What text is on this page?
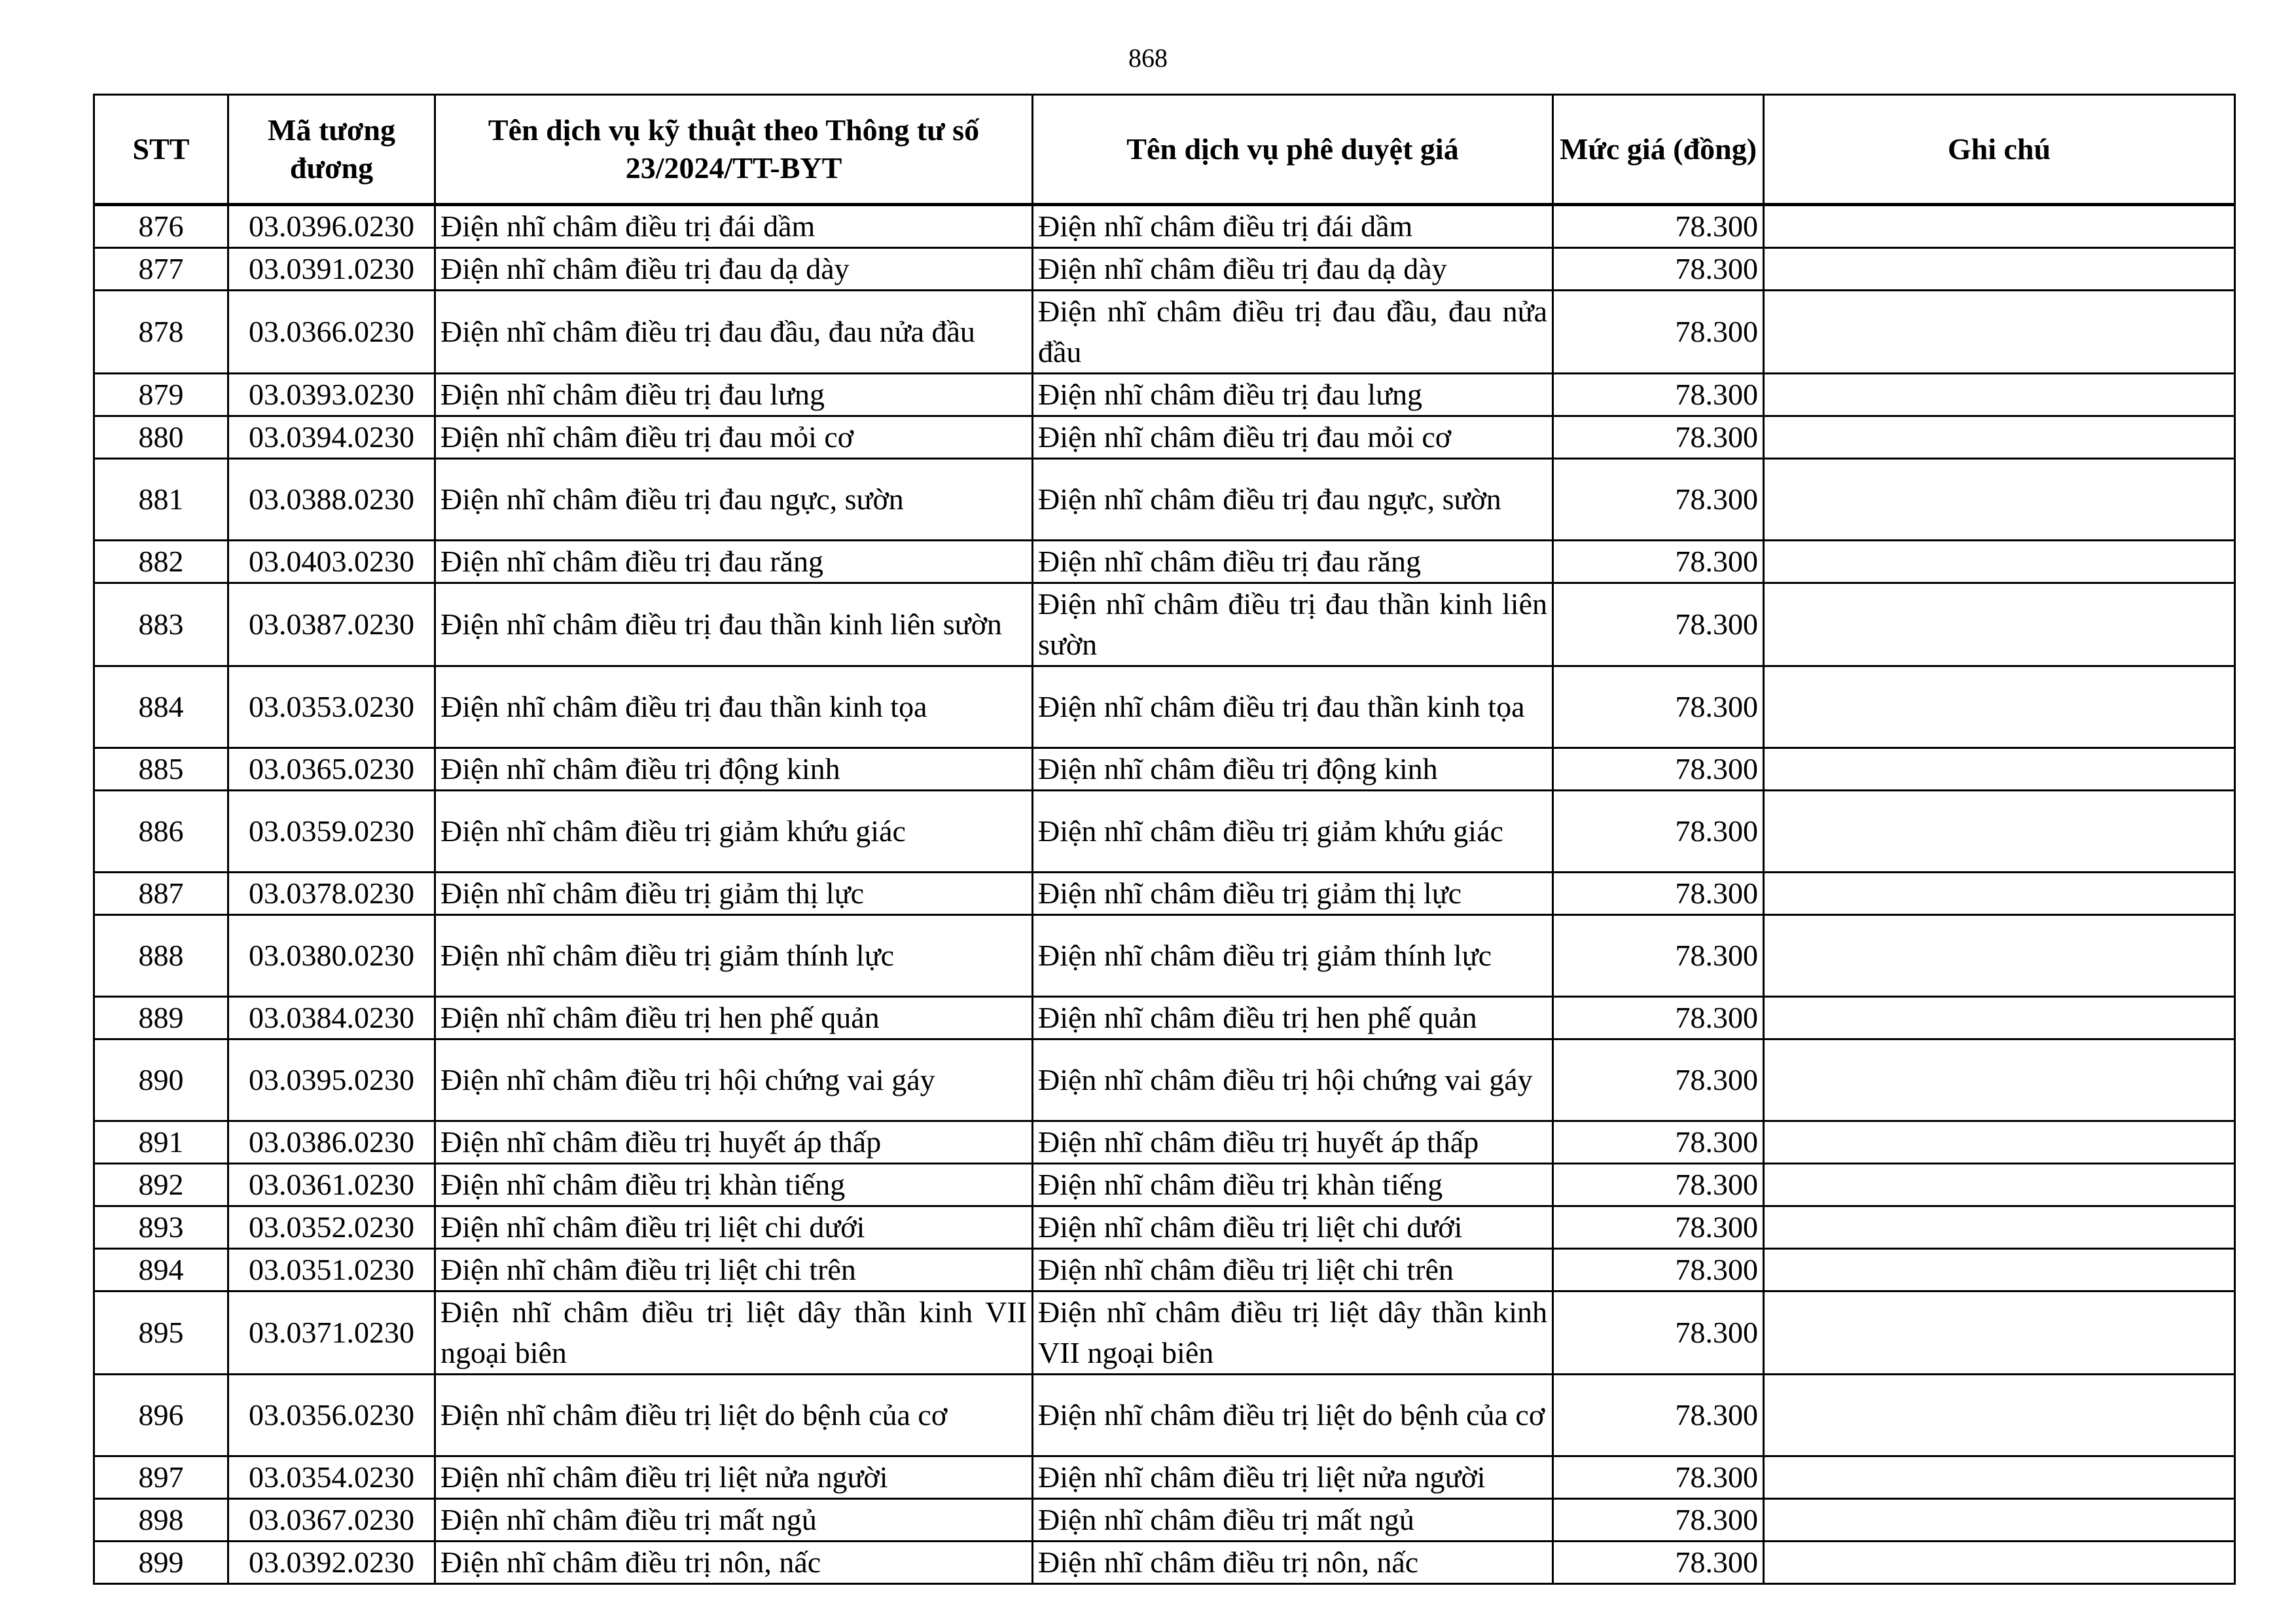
868
STT	Mã tương đương	Tên dịch vụ kỹ thuật theo Thông tư số 23/2024/TT-BYT	Tên dịch vụ phê duyệt giá	Mức giá (đồng)	Ghi chú
876	03.0396.0230	Điện nhĩ châm điều trị đái dầm	Điện nhĩ châm điều trị đái dầm	78.300	
877	03.0391.0230	Điện nhĩ châm điều trị đau dạ dày	Điện nhĩ châm điều trị đau dạ dày	78.300	
878	03.0366.0230	Điện nhĩ châm điều trị đau đầu, đau nửa đầu	Điện nhĩ châm điều trị đau đầu, đau nửa đầu	78.300	
879	03.0393.0230	Điện nhĩ châm điều trị đau lưng	Điện nhĩ châm điều trị đau lưng	78.300	
880	03.0394.0230	Điện nhĩ châm điều trị đau mỏi cơ	Điện nhĩ châm điều trị đau mỏi cơ	78.300	
881	03.0388.0230	Điện nhĩ châm điều trị đau ngực, sườn	Điện nhĩ châm điều trị đau ngực, sườn	78.300	
882	03.0403.0230	Điện nhĩ châm điều trị đau răng	Điện nhĩ châm điều trị đau răng	78.300	
883	03.0387.0230	Điện nhĩ châm điều trị đau thần kinh liên sườn	Điện nhĩ châm điều trị đau thần kinh liên sườn	78.300	
884	03.0353.0230	Điện nhĩ châm điều trị đau thần kinh tọa	Điện nhĩ châm điều trị đau thần kinh tọa	78.300	
885	03.0365.0230	Điện nhĩ châm điều trị động kinh	Điện nhĩ châm điều trị động kinh	78.300	
886	03.0359.0230	Điện nhĩ châm điều trị giảm khứu giác	Điện nhĩ châm điều trị giảm khứu giác	78.300	
887	03.0378.0230	Điện nhĩ châm điều trị giảm thị lực	Điện nhĩ châm điều trị giảm thị lực	78.300	
888	03.0380.0230	Điện nhĩ châm điều trị giảm thính lực	Điện nhĩ châm điều trị giảm thính lực	78.300	
889	03.0384.0230	Điện nhĩ châm điều trị hen phế quản	Điện nhĩ châm điều trị hen phế quản	78.300	
890	03.0395.0230	Điện nhĩ châm điều trị hội chứng vai gáy	Điện nhĩ châm điều trị hội chứng vai gáy	78.300	
891	03.0386.0230	Điện nhĩ châm điều trị huyết áp thấp	Điện nhĩ châm điều trị huyết áp thấp	78.300	
892	03.0361.0230	Điện nhĩ châm điều trị khàn tiếng	Điện nhĩ châm điều trị khàn tiếng	78.300	
893	03.0352.0230	Điện nhĩ châm điều trị liệt chi dưới	Điện nhĩ châm điều trị liệt chi dưới	78.300	
894	03.0351.0230	Điện nhĩ châm điều trị liệt chi trên	Điện nhĩ châm điều trị liệt chi trên	78.300	
895	03.0371.0230	Điện nhĩ châm điều trị liệt dây thần kinh VII ngoại biên	Điện nhĩ châm điều trị liệt dây thần kinh VII ngoại biên	78.300	
896	03.0356.0230	Điện nhĩ châm điều trị liệt do bệnh của cơ	Điện nhĩ châm điều trị liệt do bệnh của cơ	78.300	
897	03.0354.0230	Điện nhĩ châm điều trị liệt nửa người	Điện nhĩ châm điều trị liệt nửa người	78.300	
898	03.0367.0230	Điện nhĩ châm điều trị mất ngủ	Điện nhĩ châm điều trị mất ngủ	78.300	
899	03.0392.0230	Điện nhĩ châm điều trị nôn, nấc	Điện nhĩ châm điều trị nôn, nấc	78.300	
